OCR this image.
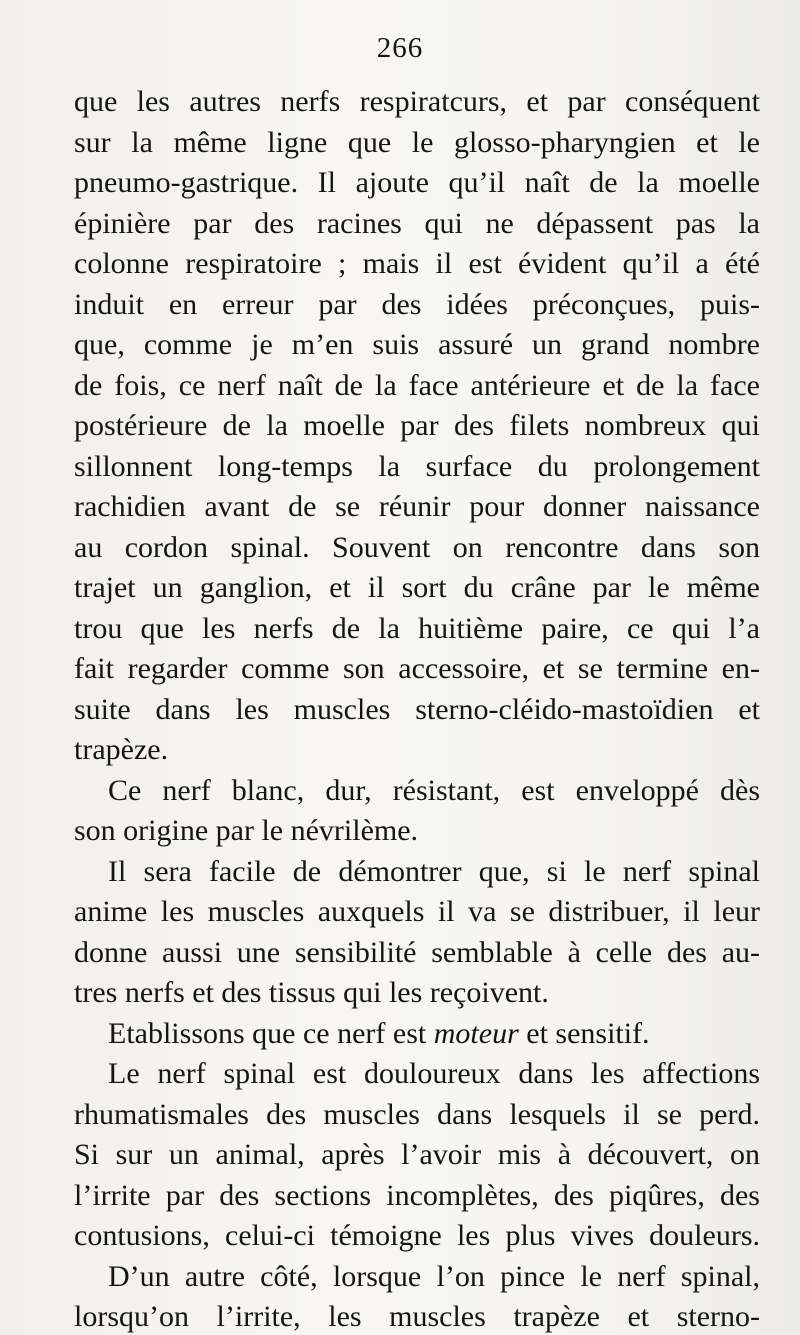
266
que les autres nerfs respiratcurs, et par conséquent
sur la même ligne que le glosso-pharyngien et le
pneumo-gastrique. Il ajoute qu’il naît de la moelle
épinière par des racines qui ne dépassent pas la
colonne respiratoire ; mais il est évident qu’il a été
induit en erreur par des idées préconçues, puis-
que, comme je m’en suis assuré un grand nombre
de fois, ce nerf naît de la face antérieure et de la face
postérieure de la moelle par des filets nombreux qui
sillonnent long-temps la surface du prolongement
rachidien avant de se réunir pour donner naissance
au cordon spinal. Souvent on rencontre dans son
trajet un ganglion, et il sort du crâne par le même
trou que les nerfs de la huitième paire, ce qui l’a
fait regarder comme son accessoire, et se termine en-
suite dans les muscles sterno-cléido-mastoïdien et
trapèze.
Ce nerf blanc, dur, résistant, est enveloppé dès
son origine par le névrilème.
Il sera facile de démontrer que, si le nerf spinal
anime les muscles auxquels il va se distribuer, il leur
donne aussi une sensibilité semblable à celle des au-
tres nerfs et des tissus qui les reçoivent.
Etablissons que ce nerf est moteur et sensitif.
Le nerf spinal est douloureux dans les affections
rhumatismales des muscles dans lesquels il se perd.
Si sur un animal, après l’avoir mis à découvert, on
l’irrite par des sections incomplètes, des piqûres, des
contusions, celui-ci témoigne les plus vives douleurs.
D’un autre côté, lorsque l’on pince le nerf spinal,
lorsqu’on l’irrite, les muscles trapèze et sterno-
